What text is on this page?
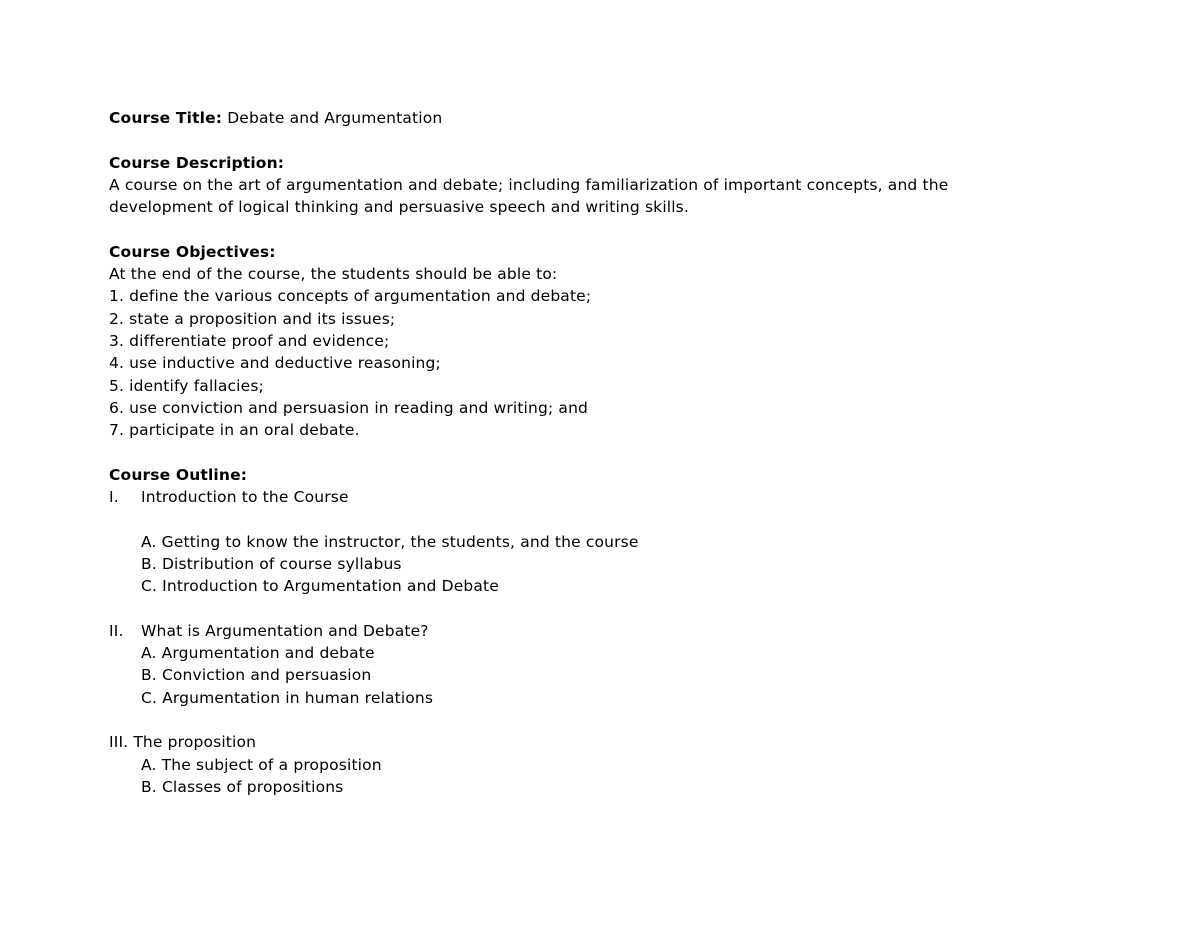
Course Title: Debate and Argumentation
Course Description:
A course on the art of argumentation and debate; including familiarization of important concepts, and the
development of logical thinking and persuasive speech and writing skills.
Course Objectives:
At the end of the course, the students should be able to:
1. define the various concepts of argumentation and debate;
2. state a proposition and its issues;
3. differentiate proof and evidence;
4. use inductive and deductive reasoning;
5. identify fallacies;
6. use conviction and persuasion in reading and writing; and
7. participate in an oral debate.
Course Outline:
I. Introduction to the Course
A. Getting to know the instructor, the students, and the course
B. Distribution of course syllabus
C. Introduction to Argumentation and Debate
II. What is Argumentation and Debate?
A. Argumentation and debate
B. Conviction and persuasion
C. Argumentation in human relations
III. The proposition
A. The subject of a proposition
B. Classes of propositions
